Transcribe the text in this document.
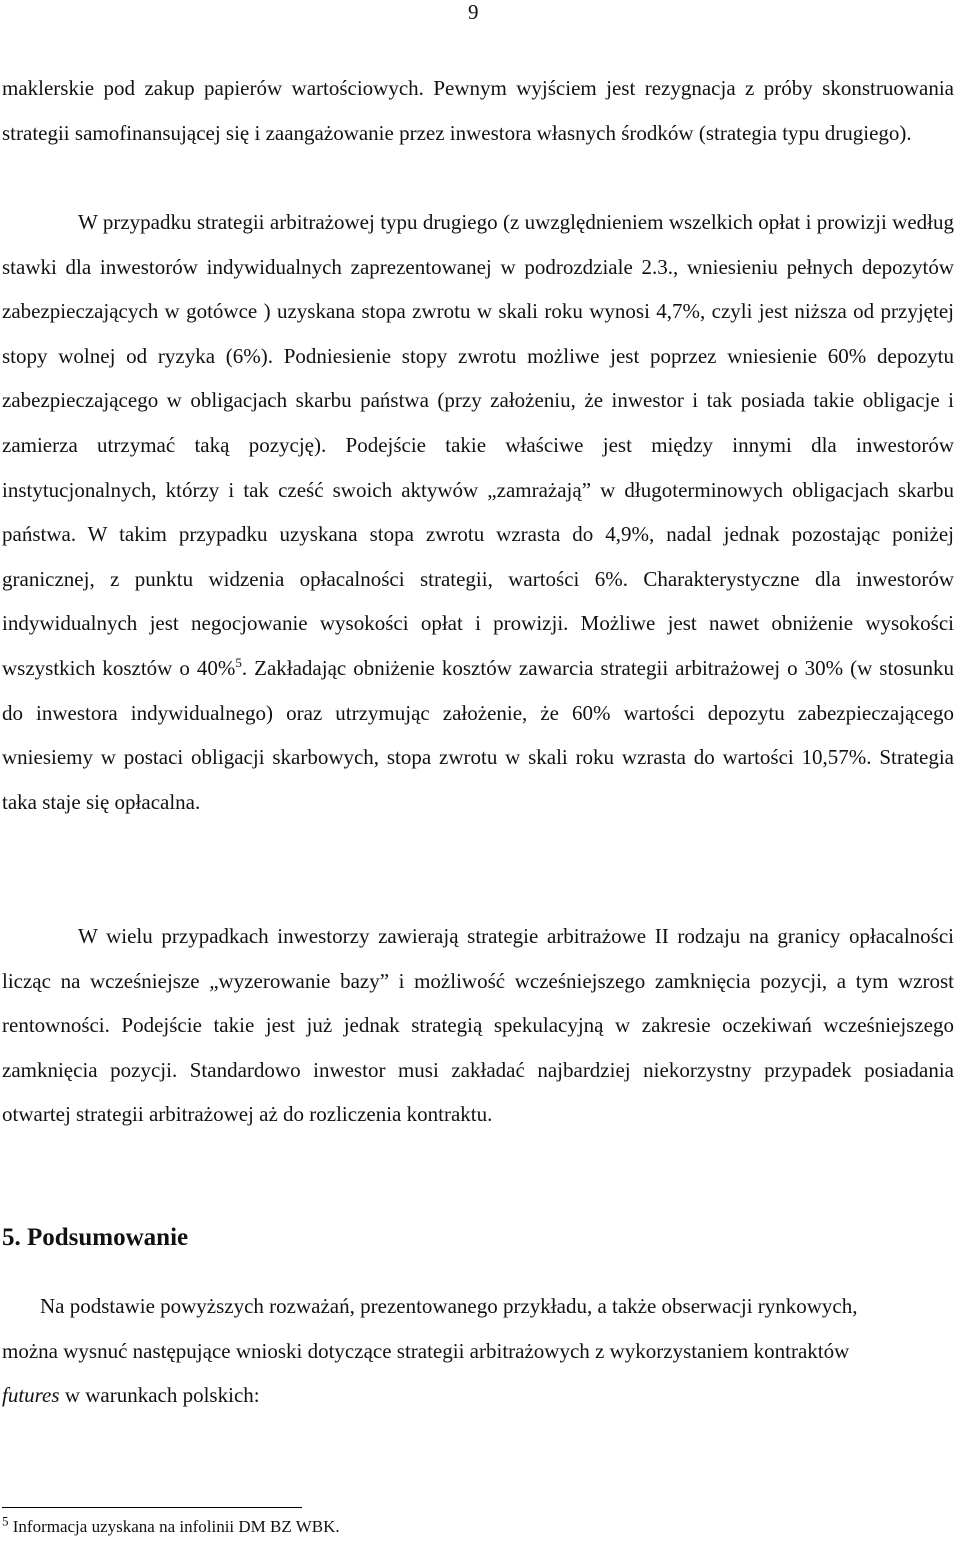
9
maklerskie pod zakup papierów wartościowych. Pewnym wyjściem jest rezygnacja z próby skonstruowania strategii samofinansującej się i zaangażowanie przez inwestora własnych środków (strategia typu drugiego).
W przypadku strategii arbitrażowej typu drugiego (z uwzględnieniem wszelkich opłat i prowizji według stawki dla inwestorów indywidualnych zaprezentowanej w podrozdziale 2.3., wniesieniu pełnych depozytów zabezpieczających w gotówce ) uzyskana stopa zwrotu w skali roku wynosi 4,7%, czyli jest niższa od przyjętej stopy wolnej od ryzyka (6%). Podniesienie stopy zwrotu możliwe jest poprzez wniesienie 60% depozytu zabezpieczającego w obligacjach skarbu państwa (przy założeniu, że inwestor i tak posiada takie obligacje i zamierza utrzymać taką pozycję). Podejście takie właściwe jest między innymi dla inwestorów instytucjonalnych, którzy i tak cześć swoich aktywów „zamrażają” w długoterminowych obligacjach skarbu państwa. W takim przypadku uzyskana stopa zwrotu wzrasta do 4,9%, nadal jednak pozostając poniżej granicznej, z punktu widzenia opłacalności strategii, wartości 6%. Charakterystyczne dla inwestorów indywidualnych jest negocjowanie wysokości opłat i prowizji. Możliwe jest nawet obniżenie wysokości wszystkich kosztów o 40%$^5$. Zakładając obniżenie kosztów zawarcia strategii arbitrażowej o 30% (w stosunku do inwestora indywidualnego) oraz utrzymując założenie, że 60% wartości depozytu zabezpieczającego wniesiemy w postaci obligacji skarbowych, stopa zwrotu w skali roku wzrasta do wartości 10,57%. Strategia taka staje się opłacalna.
W wielu przypadkach inwestorzy zawierają strategie arbitrażowe II rodzaju na granicy opłacalności licząc na wcześniejsze „wyzerowanie bazy” i możliwość wcześniejszego zamknięcia pozycji, a tym wzrost rentowności. Podejście takie jest już jednak strategią spekulacyjną w zakresie oczekiwań wcześniejszego zamknięcia pozycji. Standardowo inwestor musi zakładać najbardziej niekorzystny przypadek posiadania otwartej strategii arbitrażowej aż do rozliczenia kontraktu.
5. Podsumowanie
Na podstawie powyższych rozważań, prezentowanego przykładu, a także obserwacji rynkowych, można wysnuć następujące wnioski dotyczące strategii arbitrażowych z wykorzystaniem kontraktów futures w warunkach polskich:
$^5$ Informacja uzyskana na infolinii DM BZ WBK.
